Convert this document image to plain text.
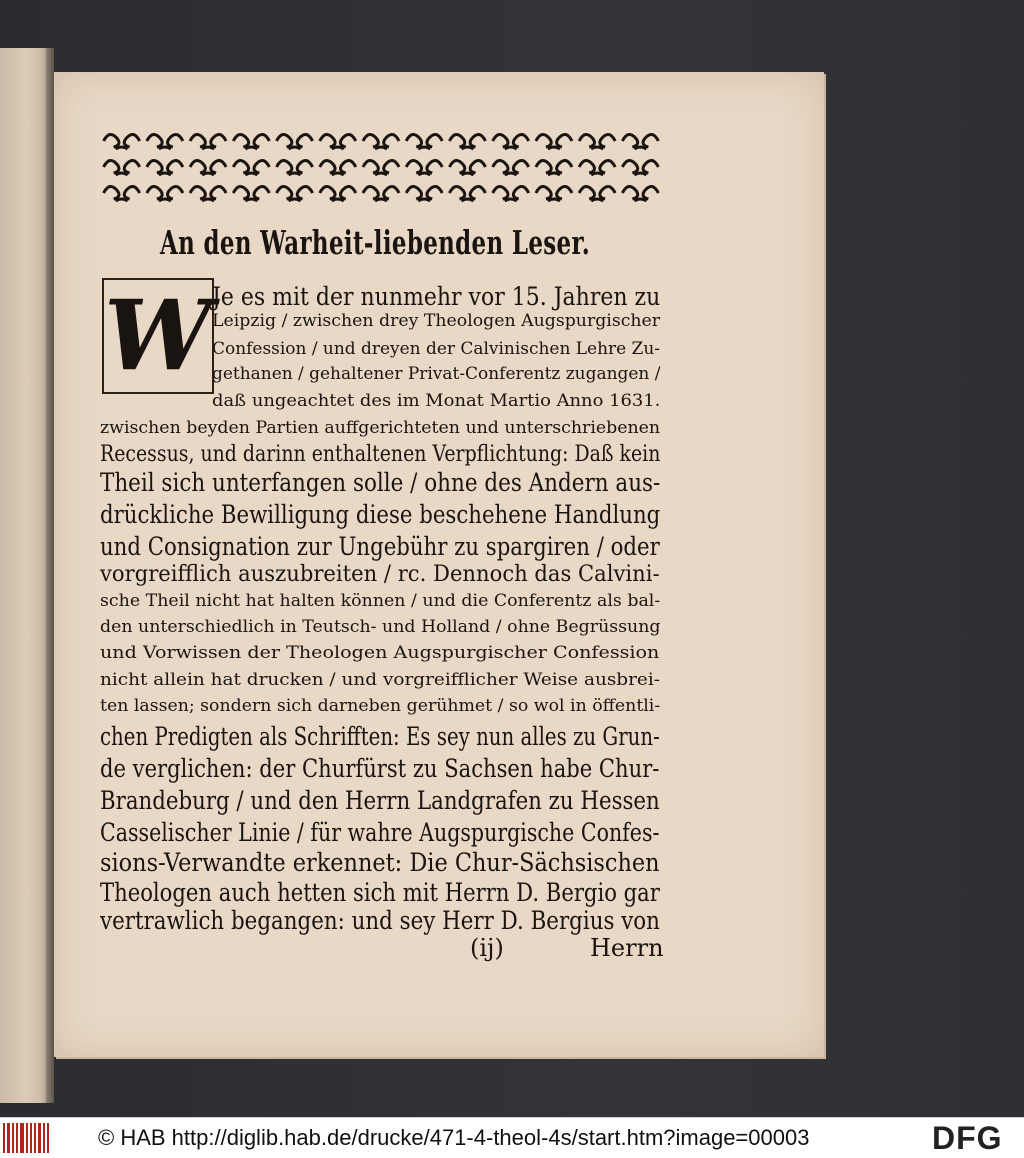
An den Warheit-liebenden Leser.
W Je es mit der nunmehr vor 15. Jahren zu
Leipzig / zwischen drey Theologen Augspurgischer
Confession / und dreyen der Calvinischen Lehre Zu-
gethanen / gehaltener Privat-Conferentz zugangen /
daß ungeachtet des im Monat Martio Anno 1631.
zwischen beyden Partien auffgerichteten und unterschriebenen
Recessus, und darinn enthaltenen Verpflichtung: Daß kein
Theil sich unterfangen solle / ohne des Andern aus-
drückliche Bewilligung diese beschehene Handlung
und Consignation zur Ungebühr zu spargiren / oder
vorgreifflich auszubreiten / rc. Dennoch das Calvini-
sche Theil nicht hat halten können / und die Conferentz als bal-
den unterschiedlich in Teutsch- und Holland / ohne Begrüssung
und Vorwissen der Theologen Augspurgischer Confession
nicht allein hat drucken / und vorgreifflicher Weise ausbrei-
ten lassen; sondern sich darneben gerühmet / so wol in öffentli-
chen Predigten als Schrifften: Es sey nun alles zu Grun-
de verglichen: der Churfürst zu Sachsen habe Chur-
Brandeburg / und den Herrn Landgrafen zu Hessen
Casselischer Linie / für wahre Augspurgische Confes-
sions-Verwandte erkennet: Die Chur-Sächsischen
Theologen auch hetten sich mit Herrn D. Bergio gar
vertrawlich begangen: und sey Herr D. Bergius von
(ij)	Herrn
© HAB http://diglib.hab.de/drucke/471-4-theol-4s/start.htm?image=00003	DFG
